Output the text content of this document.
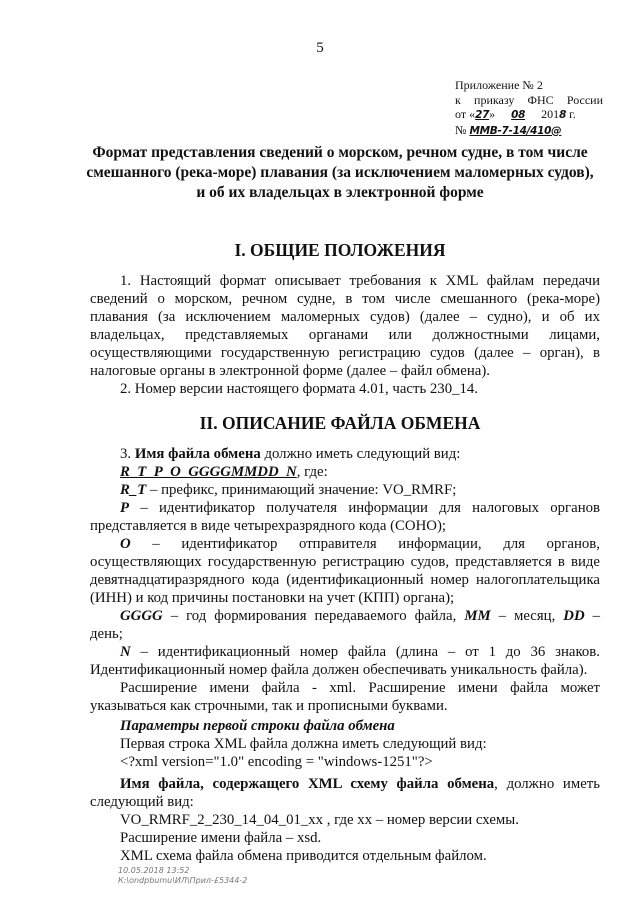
5
Приложение № 2
к приказу ФНС России
от «27» 08 2018 г.
№ ММВ-7-14/410@
Формат представления сведений о морском, речном судне, в том числе
смешанного (река-море) плавания (за исключением маломерных судов),
и об их владельцах в электронной форме
I. ОБЩИЕ ПОЛОЖЕНИЯ
1. Настоящий формат описывает требования к XML файлам передачи
сведений о морском, речном судне, в том числе смешанного (река-море)
плавания (за исключением маломерных судов) (далее – судно), и об их
владельцах, представляемых органами или должностными лицами,
осуществляющими государственную регистрацию судов (далее – орган), в
налоговые органы в электронной форме (далее – файл обмена).
2. Номер версии настоящего формата 4.01, часть 230_14.
II. ОПИСАНИЕ ФАЙЛА ОБМЕНА
3. Имя файла обмена должно иметь следующий вид:
R_T_P_O_GGGGMMDD_N, где:
R_T – префикс, принимающий значение: VO_RMRF;
P – идентификатор получателя информации для налоговых органов
представляется в виде четырехразрядного кода (СОНО);
O – идентификатор отправителя информации, для органов,
осуществляющих государственную регистрацию судов, представляется в виде
девятнадцатиразрядного кода (идентификационный номер налогоплательщика
(ИНН) и код причины постановки на учет (КПП) органа);
GGGG – год формирования передаваемого файла, MM – месяц, DD –
день;
N – идентификационный номер файла (длина – от 1 до 36 знаков.
Идентификационный номер файла должен обеспечивать уникальность файла).
Расширение имени файла - xml. Расширение имени файла может
указываться как строчными, так и прописными буквами.
Параметры первой строки файла обмена
Первая строка XML файла должна иметь следующий вид:
<?xml version="1.0" encoding = "windows-1251"?>
Имя файла, содержащего XML схему файла обмена, должно иметь
следующий вид:
VO_RMRF_2_230_14_04_01_xx , где хх – номер версии схемы.
Расширение имени файла – xsd.
XML схема файла обмена приводится отдельным файлом.
10.05.2018 13:52
К:\ondpbumu\ИЛ\Прил-£5344-2
